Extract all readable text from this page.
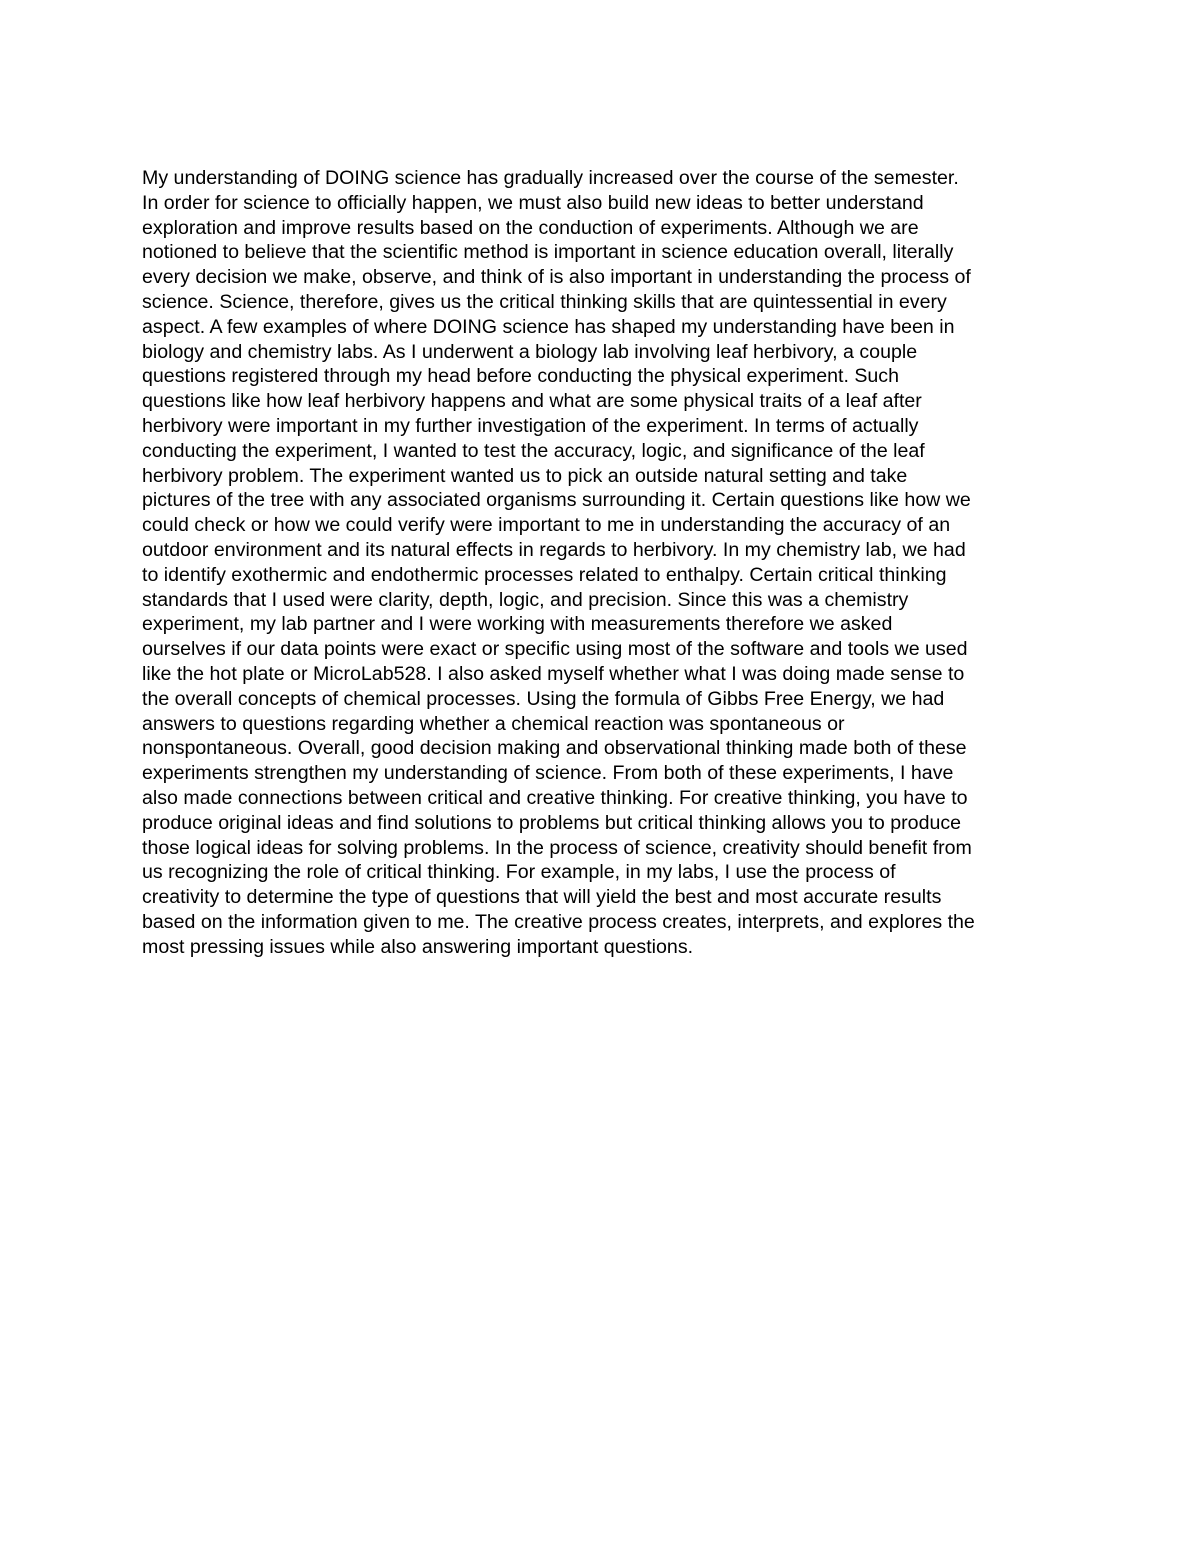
My understanding of DOING science has gradually increased over the course of the semester.
In order for science to officially happen, we must also build new ideas to better understand
exploration and improve results based on the conduction of experiments. Although we are
notioned to believe that the scientific method is important in science education overall, literally
every decision we make, observe, and think of is also important in understanding the process of
science. Science, therefore, gives us the critical thinking skills that are quintessential in every
aspect. A few examples of where DOING science has shaped my understanding have been in
biology and chemistry labs. As I underwent a biology lab involving leaf herbivory, a couple
questions registered through my head before conducting the physical experiment. Such
questions like how leaf herbivory happens and what are some physical traits of a leaf after
herbivory were important in my further investigation of the experiment. In terms of actually
conducting the experiment, I wanted to test the accuracy, logic, and significance of the leaf
herbivory problem. The experiment wanted us to pick an outside natural setting and take
pictures of the tree with any associated organisms surrounding it. Certain questions like how we
could check or how we could verify were important to me in understanding the accuracy of an
outdoor environment and its natural effects in regards to herbivory. In my chemistry lab, we had
to identify exothermic and endothermic processes related to enthalpy. Certain critical thinking
standards that I used were clarity, depth, logic, and precision. Since this was a chemistry
experiment, my lab partner and I were working with measurements therefore we asked
ourselves if our data points were exact or specific using most of the software and tools we used
like the hot plate or MicroLab528. I also asked myself whether what I was doing made sense to
the overall concepts of chemical processes. Using the formula of Gibbs Free Energy, we had
answers to questions regarding whether a chemical reaction was spontaneous or
nonspontaneous. Overall, good decision making and observational thinking made both of these
experiments strengthen my understanding of science. From both of these experiments, I have
also made connections between critical and creative thinking. For creative thinking, you have to
produce original ideas and find solutions to problems but critical thinking allows you to produce
those logical ideas for solving problems. In the process of science, creativity should benefit from
us recognizing the role of critical thinking. For example, in my labs, I use the process of
creativity to determine the type of questions that will yield the best and most accurate results
based on the information given to me. The creative process creates, interprets, and explores the
most pressing issues while also answering important questions.
